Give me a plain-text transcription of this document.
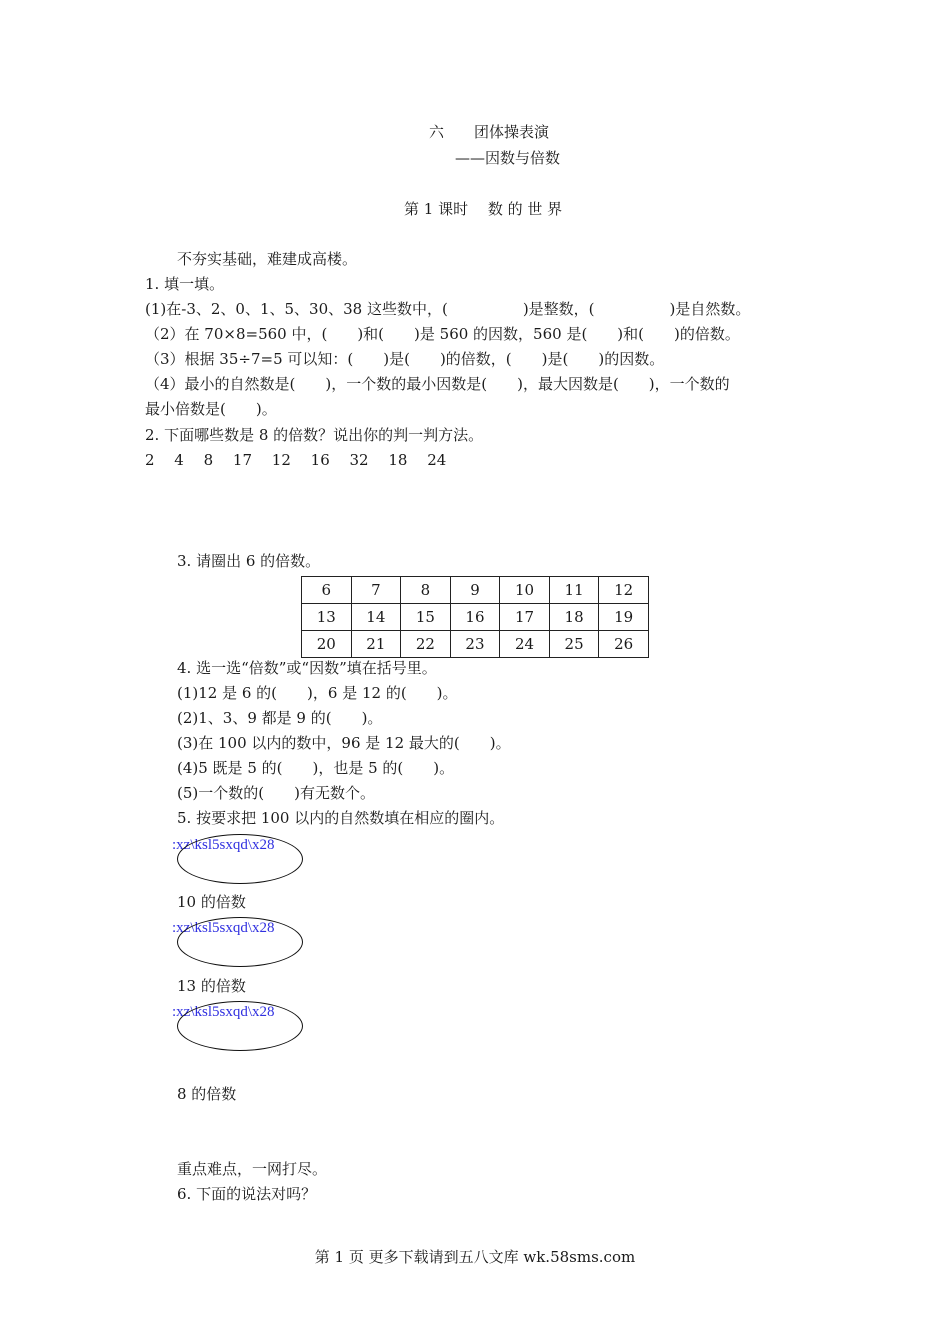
六　　团体操表演
——因数与倍数
第 1 课时　 数 的 世 界
不夯实基础，难建成高楼。
1. 填一填。
(1)在-3、2、0、1、5、30、38 这些数中，(　　　　　)是整数，(　　　　　)是自然数。
（2）在 70×8=560 中，(　　)和(　　)是 560 的因数，560 是(　　)和(　　)的倍数。
（3）根据 35÷7=5 可以知：(　　)是(　　)的倍数，(　　)是(　　)的因数。
（4）最小的自然数是(　　)，一个数的最小因数是(　　)，最大因数是(　　)，一个数的
最小倍数是(　　)。
2. 下面哪些数是 8 的倍数？说出你的判一判方法。
2　 4　 8　 17　 12　 16　 32　 18　 24
3. 请圈出 6 的倍数。
6	7	8	9	10	11	12
13	14	15	16	17	18	19
20	21	22	23	24	25	26
4. 选一选“倍数”或“因数”填在括号里。
(1)12 是 6 的(　　)，6 是 12 的(　　)。
(2)1、3、9 都是 9 的(　　)。
(3)在 100 以内的数中，96 是 12 最大的(　　)。
(4)5 既是 5 的(　　)，也是 5 的(　　)。
(5)一个数的(　　)有无数个。
5. 按要求把 100 以内的自然数填在相应的圈内。
:xz\ksl5sxqd\x28
10 的倍数
:xz\ksl5sxqd\x28
13 的倍数
:xz\ksl5sxqd\x28
8 的倍数
重点难点，一网打尽。
6. 下面的说法对吗？
第 1 页 更多下载请到五八文库 wk.58sms.com
